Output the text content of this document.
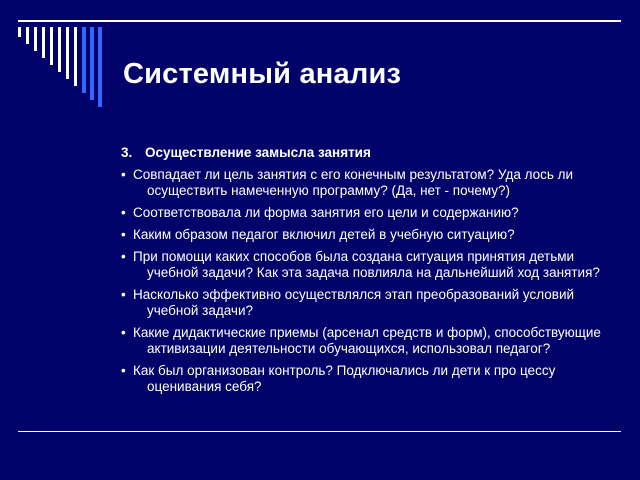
Системный анализ
3. Осуществление замысла занятия
• Совпадает ли цель занятия с его конечным результатом? Уда лось ли осуществить намеченную программу? (Да, нет - почему?)
• Соответствовала ли форма занятия его цели и содержанию?
• Каким образом педагог включил детей в учебную ситуацию?
• При помощи каких способов была создана ситуация принятия детьми учебной задачи? Как эта задача повлияла на дальнейший ход занятия?
• Насколько эффективно осуществлялся этап преобразований условий учебной задачи?
• Какие дидактические приемы (арсенал средств и форм), способствующие активизации деятельности обучающихся, использовал педагог?
• Как был организован контроль? Подключались ли дети к про цессу оценивания себя?
